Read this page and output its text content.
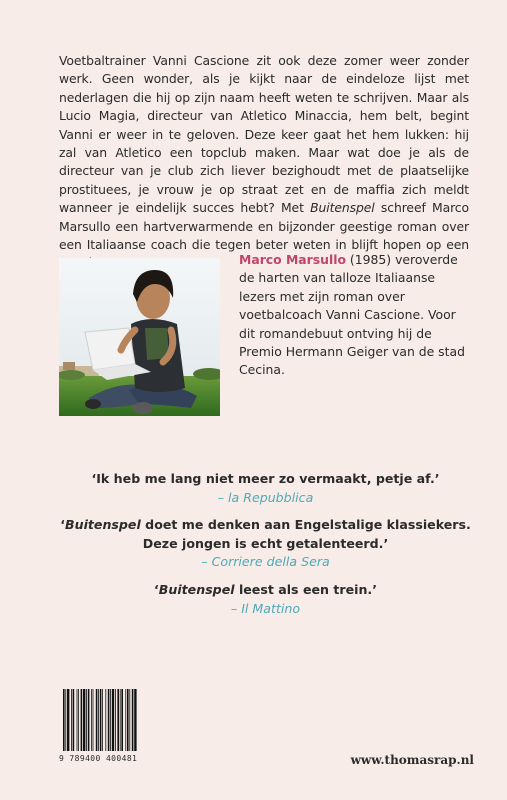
Voetbaltrainer Vanni Cascione zit ook deze zomer weer zonder werk. Geen wonder, als je kijkt naar de eindeloze lijst met nederlagen die hij op zijn naam heeft weten te schrijven. Maar als Lucio Magia, directeur van Atletico Minaccia, hem belt, begint Vanni er weer in te geloven. Deze keer gaat het hem lukken: hij zal van Atletico een topclub maken. Maar wat doe je als de directeur van je club zich liever bezighoudt met de plaatselijke prostituees, je vrouw je op straat zet en de maffia zich meldt wanneer je eindelijk succes hebt? Met Buitenspel schreef Marco Marsullo een hartverwarmende en bijzonder geestige roman over een Italiaanse coach die tegen beter weten in blijft hopen op een

Marco Marsullo (1985) veroverde de harten van talloze Italiaanse lezers met zijn roman over voetbalcoach Vanni Cascione. Voor dit romandebuut ontving hij de Premio Hermann Geiger van de stad Cecina.
‘Ik heb me lang niet meer zo vermaakt, petje af.’
– la Repubblica
‘Buitenspel doet me denken aan Engelstalige klassiekers.
Deze jongen is echt getalenteerd.’
– Corriere della Sera
‘Buitenspel leest als een trein.’
– Il Mattino
9 789400 400481	www.thomasrap.nl
